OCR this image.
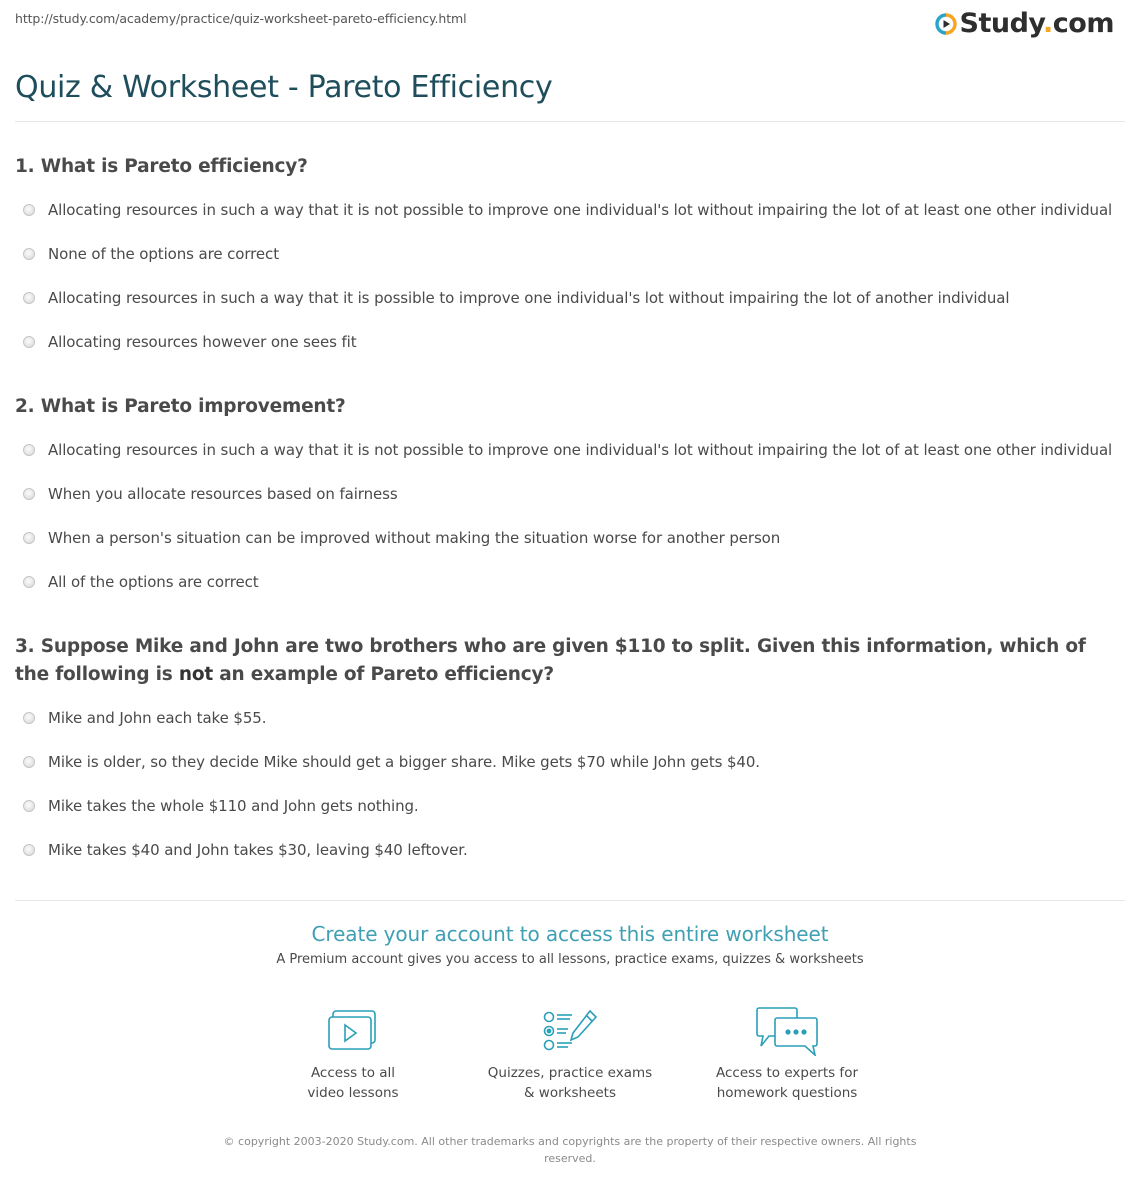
http://study.com/academy/practice/quiz-worksheet-pareto-efficiency.html	Study.com
Quiz & Worksheet - Pareto Efficiency
1. What is Pareto efficiency?
Allocating resources in such a way that it is not possible to improve one individual's lot without impairing the lot of at least one other individual
None of the options are correct
Allocating resources in such a way that it is possible to improve one individual's lot without impairing the lot of another individual
Allocating resources however one sees fit
2. What is Pareto improvement?
Allocating resources in such a way that it is not possible to improve one individual's lot without impairing the lot of at least one other individual
When you allocate resources based on fairness
When a person's situation can be improved without making the situation worse for another person
All of the options are correct
3. Suppose Mike and John are two brothers who are given $110 to split. Given this information, which of the following is not an example of Pareto efficiency?
Mike and John each take $55.
Mike is older, so they decide Mike should get a bigger share. Mike gets $70 while John gets $40.
Mike takes the whole $110 and John gets nothing.
Mike takes $40 and John takes $30, leaving $40 leftover.
Create your account to access this entire worksheet
A Premium account gives you access to all lessons, practice exams, quizzes & worksheets
Access to all
video lessons
Quizzes, practice exams
& worksheets
Access to experts for
homework questions
© copyright 2003-2020 Study.com. All other trademarks and copyrights are the property of their respective owners. All rights reserved.
